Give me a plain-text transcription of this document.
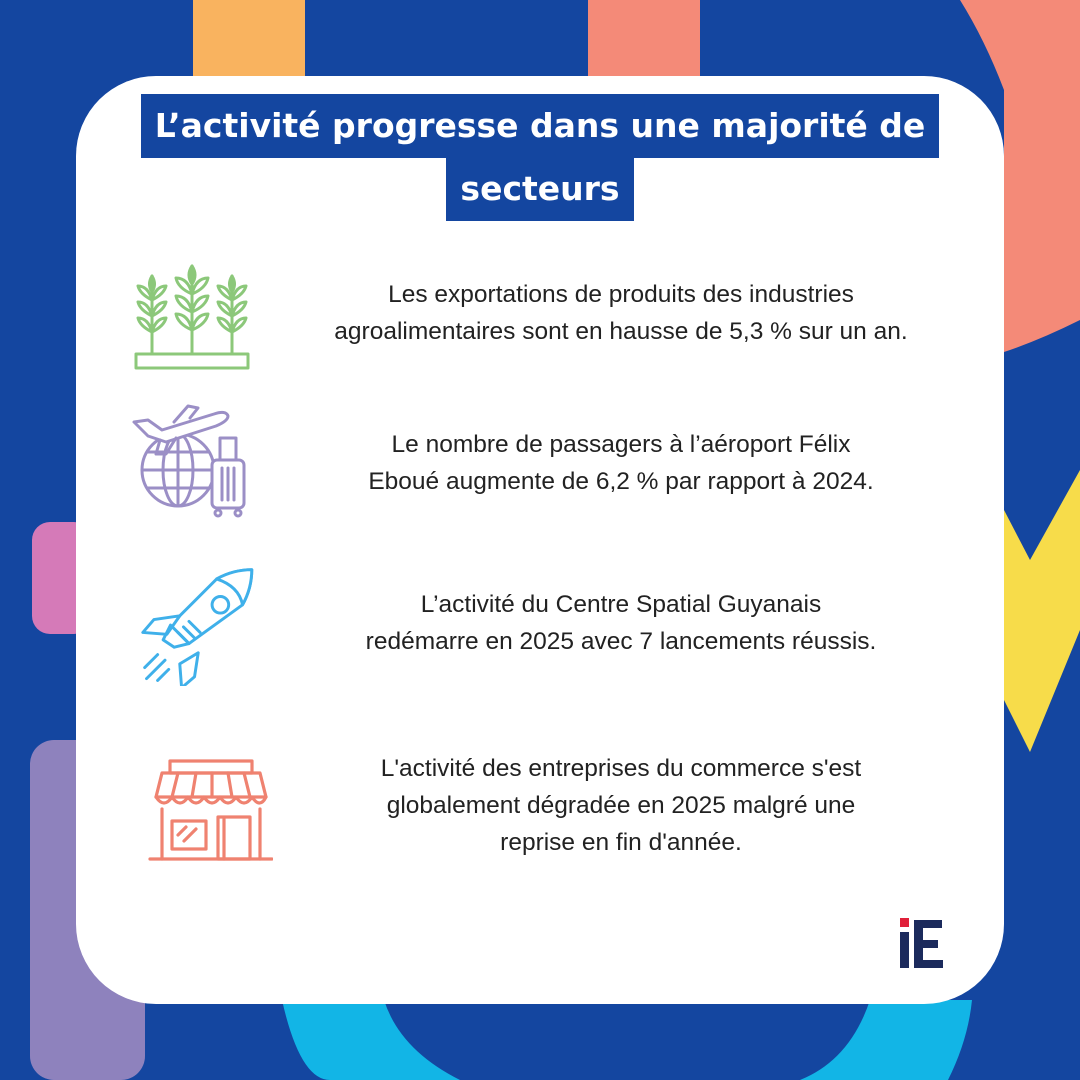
L’activité progresse dans une majorité de
secteurs
Les exportations de produits des industries
agroalimentaires sont en hausse de 5,3 % sur un an.
Le nombre de passagers à l’aéroport Félix
Eboué augmente de 6,2 % par rapport à 2024.
L’activité du Centre Spatial Guyanais
redémarre en 2025 avec 7 lancements réussis.
L'activité des entreprises du commerce s'est
globalement dégradée en 2025 malgré une
reprise en fin d'année.
